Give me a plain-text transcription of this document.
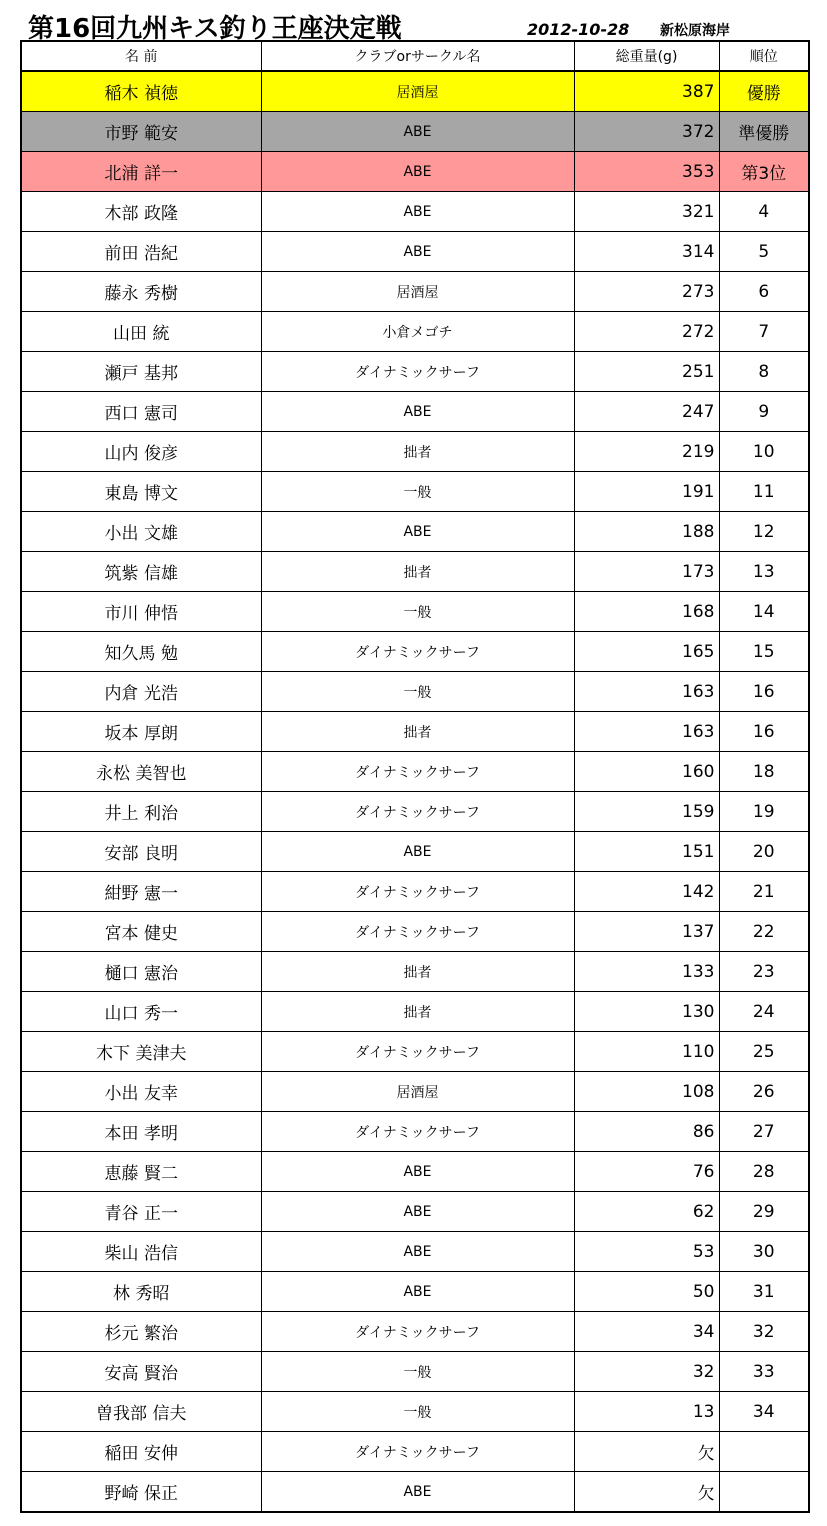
第16回九州キス釣り王座決定戦	2012-10-28 新松原海岸
名 前	クラブorサークル名	総重量(g)	順位
稲木 禎徳	居酒屋	387	優勝
市野 範安	ABE	372	準優勝
北浦 詳一	ABE	353	第3位
木部 政隆	ABE	321	4
前田 浩紀	ABE	314	5
藤永 秀樹	居酒屋	273	6
山田 統	小倉メゴチ	272	7
瀬戸 基邦	ダイナミックサーフ	251	8
西口 憲司	ABE	247	9
山内 俊彦	拙者	219	10
東島 博文	一般	191	11
小出 文雄	ABE	188	12
筑紫 信雄	拙者	173	13
市川 伸悟	一般	168	14
知久馬 勉	ダイナミックサーフ	165	15
内倉 光浩	一般	163	16
坂本 厚朗	拙者	163	16
永松 美智也	ダイナミックサーフ	160	18
井上 利治	ダイナミックサーフ	159	19
安部 良明	ABE	151	20
紺野 憲一	ダイナミックサーフ	142	21
宮本 健史	ダイナミックサーフ	137	22
樋口 憲治	拙者	133	23
山口 秀一	拙者	130	24
木下 美津夫	ダイナミックサーフ	110	25
小出 友幸	居酒屋	108	26
本田 孝明	ダイナミックサーフ	86	27
恵藤 賢二	ABE	76	28
青谷 正一	ABE	62	29
柴山 浩信	ABE	53	30
林 秀昭	ABE	50	31
杉元 繁治	ダイナミックサーフ	34	32
安高 賢治	一般	32	33
曽我部 信夫	一般	13	34
稲田 安伸	ダイナミックサーフ	欠	
野崎 保正	ABE	欠	
